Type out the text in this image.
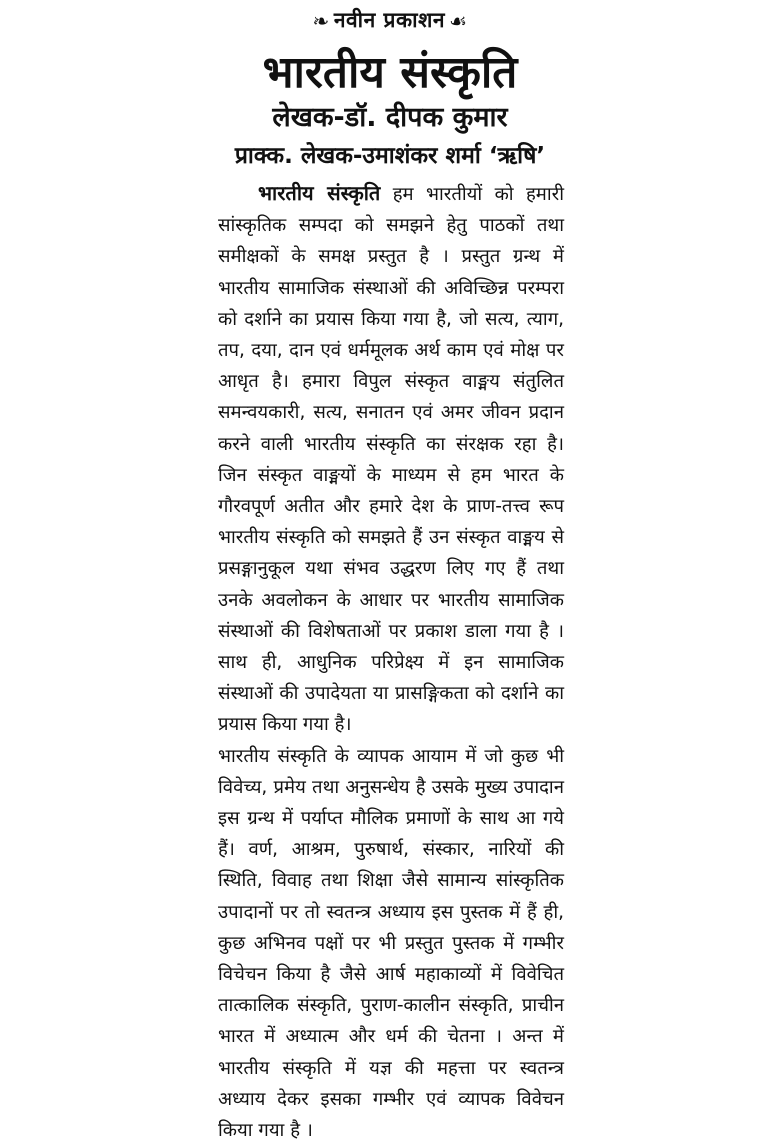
❧ नवीन प्रकाशन ☙
भारतीय संस्कृति
लेखक-डॉ. दीपक कुमार
प्राक्क. लेखक-उमाशंकर शर्मा ‘ऋषि’

भारतीय संस्कृति हम भारतीयों को हमारी सांस्कृतिक सम्पदा को समझने हेतु पाठकों तथा समीक्षकों के समक्ष प्रस्तुत है । प्रस्तुत ग्रन्थ में भारतीय सामाजिक संस्थाओं की अविच्छिन्न परम्परा को दर्शाने का प्रयास किया गया है, जो सत्य, त्याग, तप, दया, दान एवं धर्ममूलक अर्थ काम एवं मोक्ष पर आधृत है। हमारा विपुल संस्कृत वाङ्मय संतुलित समन्वयकारी, सत्य, सनातन एवं अमर जीवन प्रदान करने वाली भारतीय संस्कृति का संरक्षक रहा है। जिन संस्कृत वाङ्मयों के माध्यम से हम भारत के गौरवपूर्ण अतीत और हमारे देश के प्राण-तत्त्व रूप भारतीय संस्कृति को समझते हैं उन संस्कृत वाङ्मय से प्रसङ्गानुकूल यथा संभव उद्धरण लिए गए हैं तथा उनके अवलोकन के आधार पर भारतीय सामाजिक संस्थाओं की विशेषताओं पर प्रकाश डाला गया है । साथ ही, आधुनिक परिप्रेक्ष्य में इन सामाजिक संस्थाओं की उपादेयता या प्रासङ्गिकता को दर्शाने का प्रयास किया गया है।

भारतीय संस्कृति के व्यापक आयाम में जो कुछ भी विवेच्य, प्रमेय तथा अनुसन्धेय है उसके मुख्य उपादान इस ग्रन्थ में पर्याप्त मौलिक प्रमाणों के साथ आ गये हैं। वर्ण, आश्रम, पुरुषार्थ, संस्कार, नारियों की स्थिति, विवाह तथा शिक्षा जैसे सामान्य सांस्कृतिक उपादानों पर तो स्वतन्त्र अध्याय इस पुस्तक में हैं ही, कुछ अभिनव पक्षों पर भी प्रस्तुत पुस्तक में गम्भीर विचेचन किया है जैसे आर्ष महाकाव्यों में विवेचित तात्कालिक संस्कृति, पुराण-कालीन संस्कृति, प्राचीन भारत में अध्यात्म और धर्म की चेतना । अन्त में भारतीय संस्कृति में यज्ञ की महत्ता पर स्वतन्त्र अध्याय देकर इसका गम्भीर एवं व्यापक विवेचन किया गया है ।
